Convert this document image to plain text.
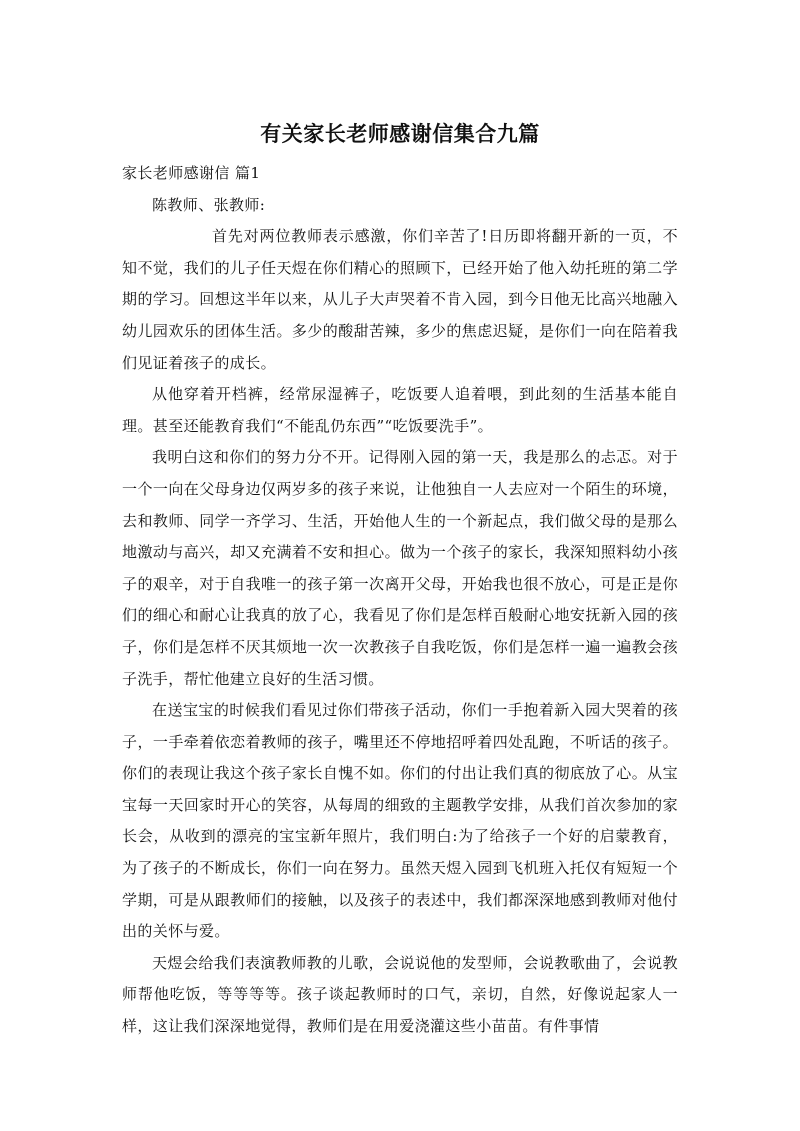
有关家长老师感谢信集合九篇

家长老师感谢信 篇1

陈教师、张教师:

首先对两位教师表示感激，你们辛苦了!日历即将翻开新的一页，不知不觉，我们的儿子任天煜在你们精心的照顾下，已经开始了他入幼托班的第二学期的学习。回想这半年以来，从儿子大声哭着不肯入园，到今日他无比高兴地融入幼儿园欢乐的团体生活。多少的酸甜苦辣，多少的焦虑迟疑，是你们一向在陪着我们见证着孩子的成长。

从他穿着开档裤，经常尿湿裤子，吃饭要人追着喂，到此刻的生活基本能自理。甚至还能教育我们“不能乱仍东西”“吃饭要洗手”。

我明白这和你们的努力分不开。记得刚入园的第一天，我是那么的忐忑。对于一个一向在父母身边仅两岁多的孩子来说，让他独自一人去应对一个陌生的环境，去和教师、同学一齐学习、生活，开始他人生的一个新起点，我们做父母的是那么地激动与高兴，却又充满着不安和担心。做为一个孩子的家长，我深知照料幼小孩子的艰辛，对于自我唯一的孩子第一次离开父母，开始我也很不放心，可是正是你们的细心和耐心让我真的放了心，我看见了你们是怎样百般耐心地安抚新入园的孩子，你们是怎样不厌其烦地一次一次教孩子自我吃饭，你们是怎样一遍一遍教会孩子洗手，帮忙他建立良好的生活习惯。

在送宝宝的时候我们看见过你们带孩子活动，你们一手抱着新入园大哭着的孩子，一手牵着依恋着教师的孩子，嘴里还不停地招呼着四处乱跑，不听话的孩子。你们的表现让我这个孩子家长自愧不如。你们的付出让我们真的彻底放了心。从宝宝每一天回家时开心的笑容，从每周的细致的主题教学安排，从我们首次参加的家长会，从收到的漂亮的宝宝新年照片，我们明白:为了给孩子一个好的启蒙教育，为了孩子的不断成长，你们一向在努力。虽然天煜入园到飞机班入托仅有短短一个学期，可是从跟教师们的接触，以及孩子的表述中，我们都深深地感到教师对他付出的关怀与爱。

天煜会给我们表演教师教的儿歌，会说说他的发型师，会说教歌曲了，会说教师帮他吃饭，等等等等。孩子谈起教师时的口气，亲切，自然，好像说起家人一样，这让我们深深地觉得，教师们是在用爱浇灌这些小苗苗。有件事情
